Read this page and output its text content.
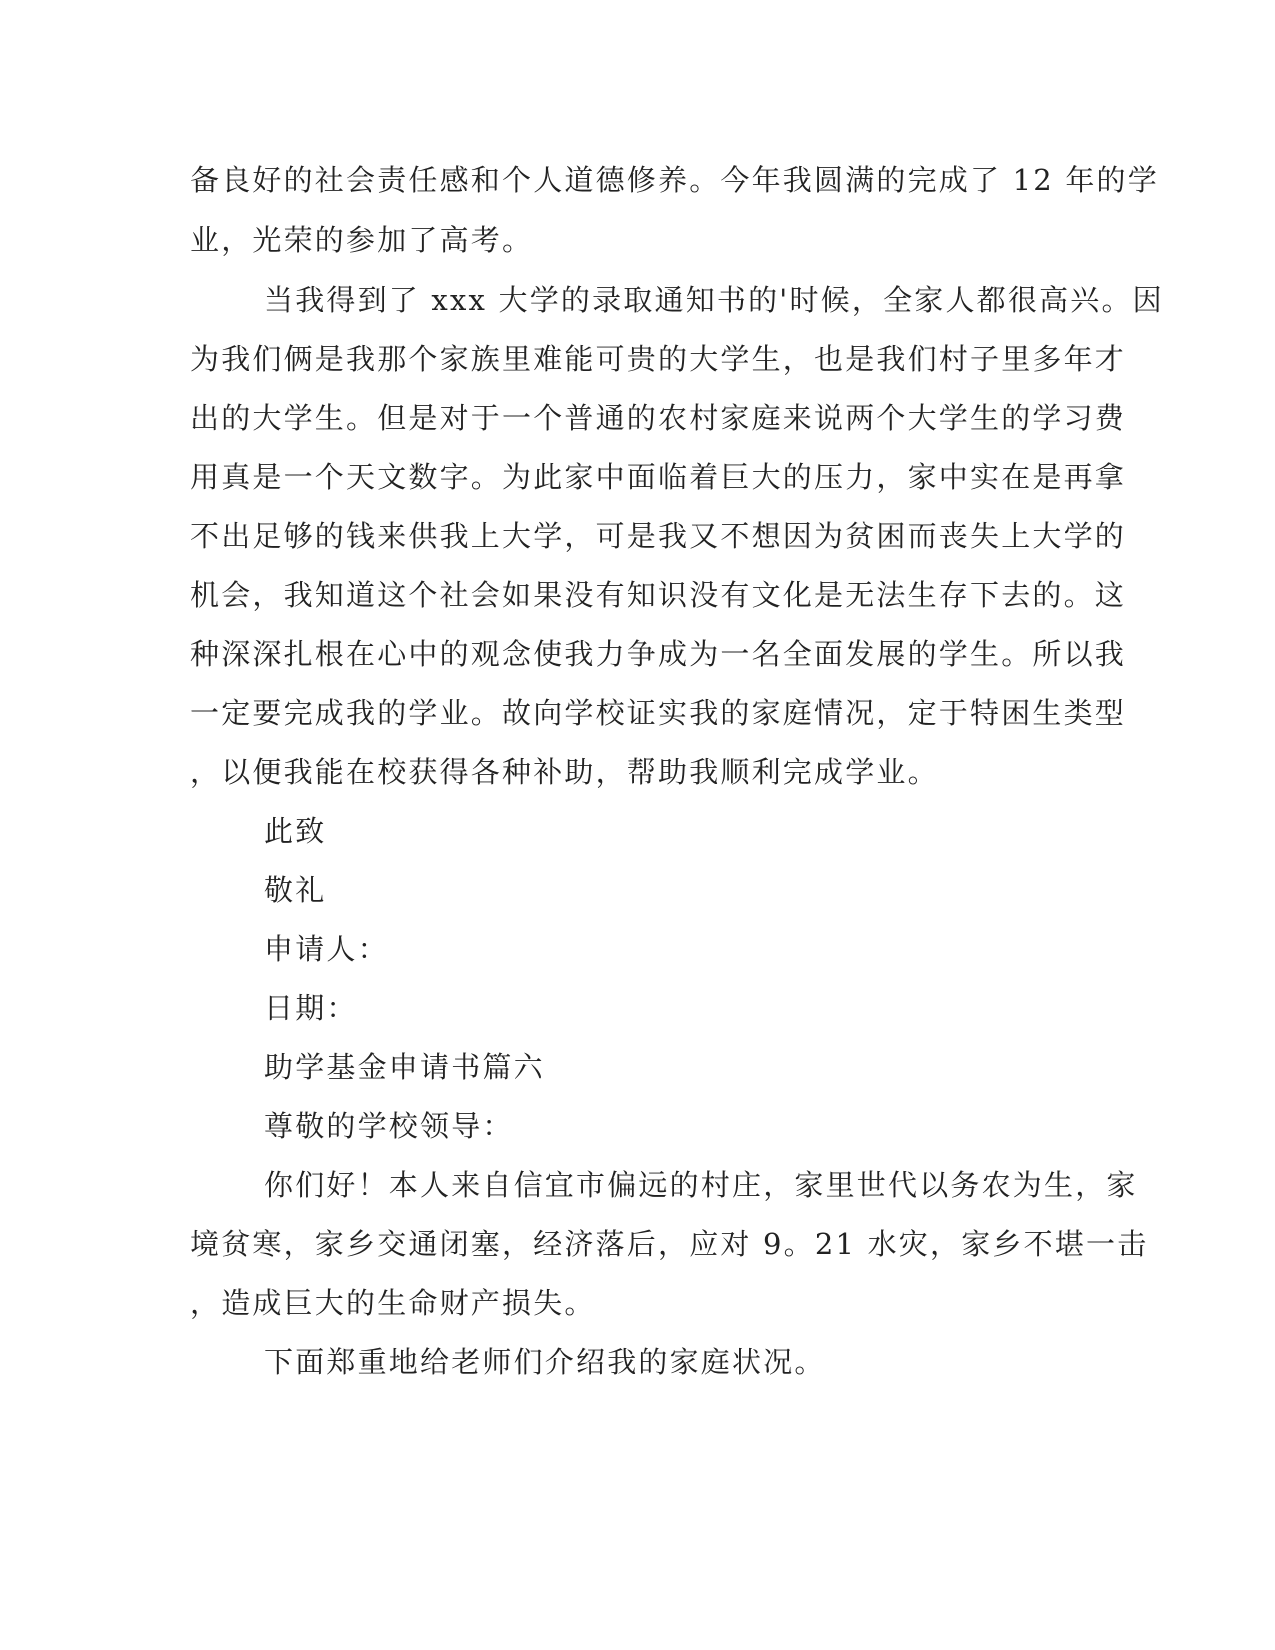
备良好的社会责任感和个人道德修养。今年我圆满的完成了 12 年的学
业，光荣的参加了高考。
当我得到了 xxx 大学的录取通知书的'时候，全家人都很高兴。因
为我们俩是我那个家族里难能可贵的大学生，也是我们村子里多年才
出的大学生。但是对于一个普通的农村家庭来说两个大学生的学习费
用真是一个天文数字。为此家中面临着巨大的压力，家中实在是再拿
不出足够的钱来供我上大学，可是我又不想因为贫困而丧失上大学的
机会，我知道这个社会如果没有知识没有文化是无法生存下去的。这
种深深扎根在心中的观念使我力争成为一名全面发展的学生。所以我
一定要完成我的学业。故向学校证实我的家庭情况，定于特困生类型
，以便我能在校获得各种补助，帮助我顺利完成学业。
此致
敬礼
申请人：
日期：
助学基金申请书篇六
尊敬的学校领导：
你们好！本人来自信宜市偏远的村庄，家里世代以务农为生，家
境贫寒，家乡交通闭塞，经济落后，应对 9。21 水灾，家乡不堪一击
，造成巨大的生命财产损失。
下面郑重地给老师们介绍我的家庭状况。
